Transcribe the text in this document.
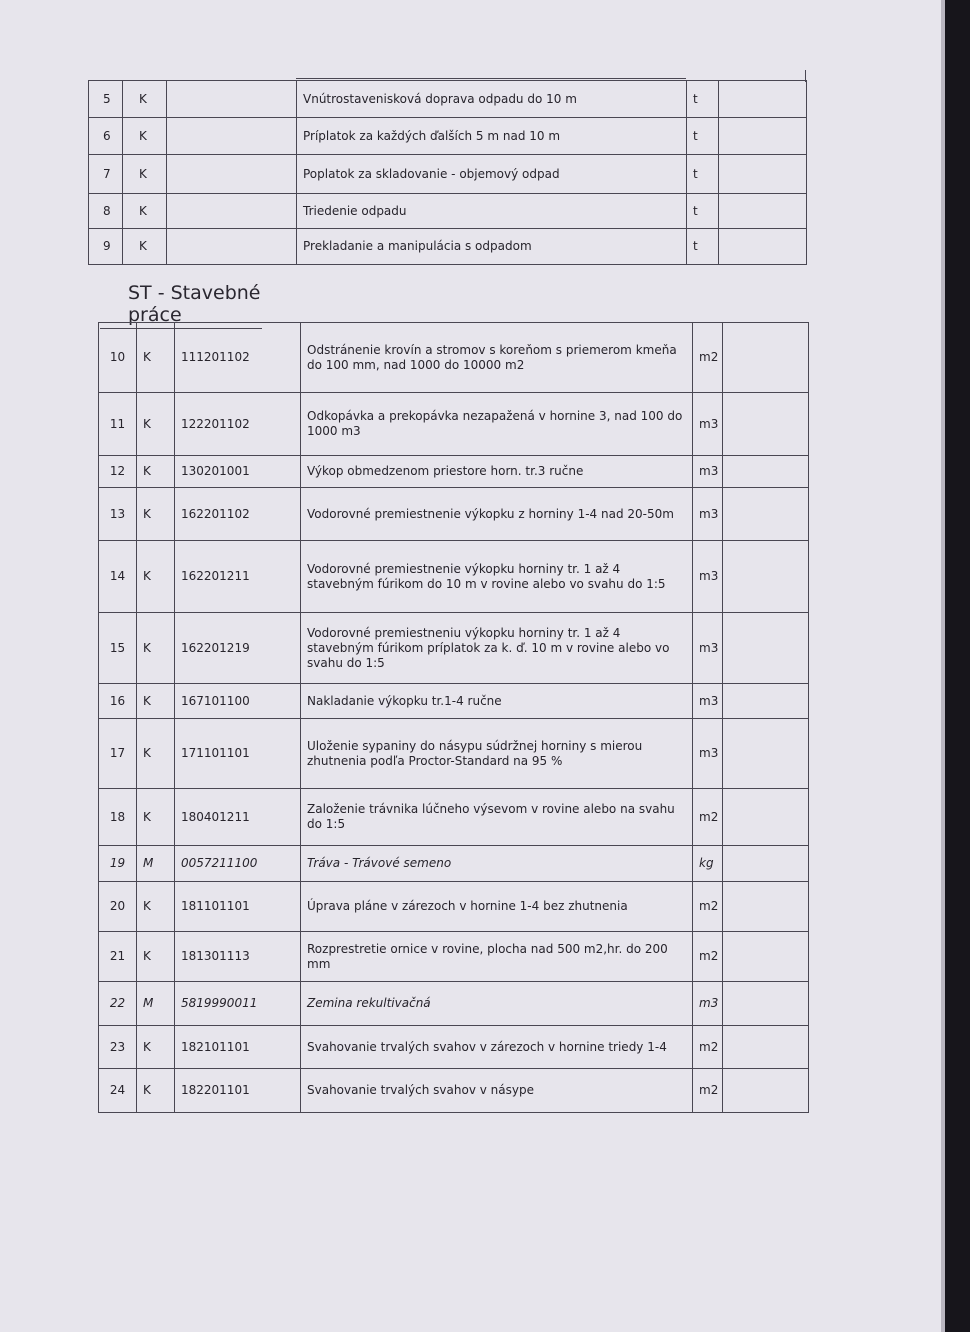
5	K		Vnútrostavenisková doprava odpadu do 10 m	t	
6	K		Príplatok za každých ďalších 5 m nad 10 m	t	
7	K		Poplatok za skladovanie - objemový odpad	t	
8	K		Triedenie odpadu	t	
9	K		Prekladanie a manipulácia s odpadom	t	
ST - Stavebné práce
10	K	111201102	Odstránenie krovín a stromov s koreňom s priemerom kmeňa do 100 mm, nad 1000 do 10000 m2	m2	
11	K	122201102	Odkopávka a prekopávka nezapažená v hornine 3, nad 100 do 1000 m3	m3	
12	K	130201001	Výkop obmedzenom priestore horn. tr.3 ručne	m3	
13	K	162201102	Vodorovné premiestnenie výkopku z horniny 1-4 nad 20-50m	m3	
14	K	162201211	Vodorovné premiestnenie výkopku horniny tr. 1 až 4 stavebným fúrikom do 10 m v rovine alebo vo svahu do 1:5	m3	
15	K	162201219	Vodorovné premiestneniu výkopku horniny tr. 1 až 4 stavebným fúrikom príplatok za k. ď. 10 m v rovine alebo vo svahu do 1:5	m3	
16	K	167101100	Nakladanie výkopku tr.1-4 ručne	m3	
17	K	171101101	Uloženie sypaniny do násypu súdržnej horniny s mierou zhutnenia podľa Proctor-Standard na 95 %	m3	
18	K	180401211	Založenie trávnika lúčneho výsevom v rovine alebo na svahu do 1:5	m2	
19	M	0057211100	Tráva - Trávové semeno	kg	
20	K	181101101	Úprava pláne v zárezoch v hornine 1-4 bez zhutnenia	m2	
21	K	181301113	Rozprestretie ornice v rovine, plocha nad 500 m2,hr. do 200 mm	m2	
22	M	5819990011	Zemina rekultivačná	m3	
23	K	182101101	Svahovanie trvalých svahov v zárezoch v hornine triedy 1-4	m2	
24	K	182201101	Svahovanie trvalých svahov v násype	m2	
